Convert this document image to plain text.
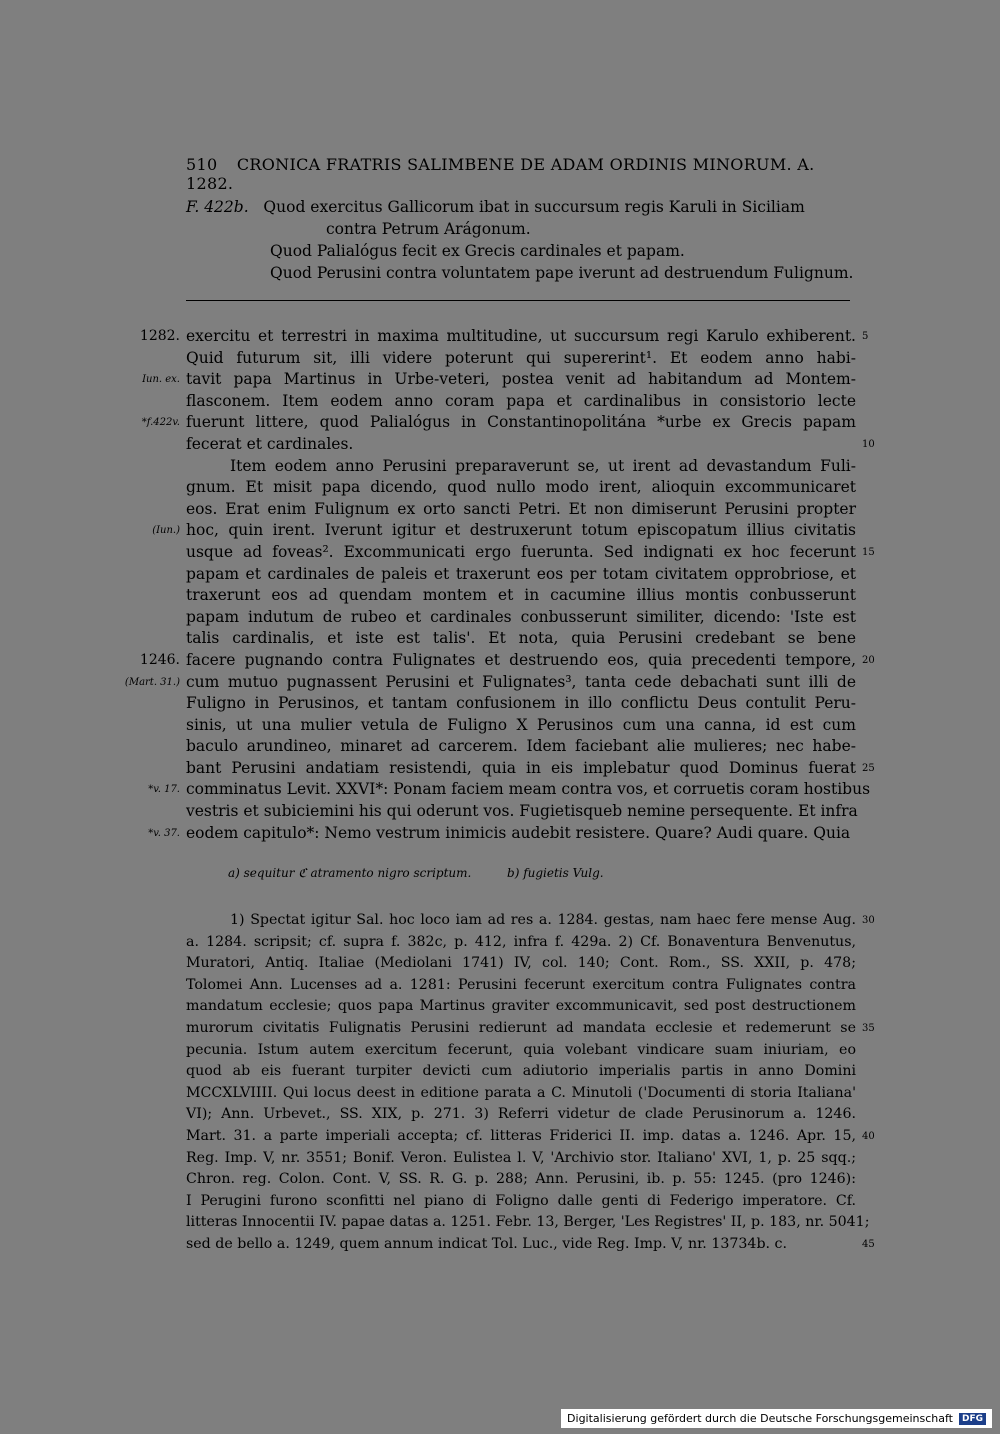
510 CRONICA FRATRIS SALIMBENE DE ADAM ORDINIS MINORUM. A. 1282.
F. 422b. Quod exercitus Gallicorum ibat in succursum regis Karuli in Siciliam
contra Petrum Arágonum.
Quod Palialógus fecit ex Grecis cardinales et papam.
Quod Perusini contra voluntatem pape iverunt ad destruendum Fulignum.
1282. exercitu et terrestri in maxima multitudine, ut succursum regi Karulo exhiberent. 5
Quid futurum sit, illi videre poterunt qui supererint¹. Et eodem anno habi-
Iun. ex. tavit papa Martinus in Urbe-veteri, postea venit ad habitandum ad Montem-
flasconem. Item eodem anno coram papa et cardinalibus in consistorio lecte
*f.422v. fuerunt littere, quod Palialógus in Constantinopolitána *urbe ex Grecis papam
fecerat et cardinales.	10
Item eodem anno Perusini preparaverunt se, ut irent ad devastandum Fuli-
gnum. Et misit papa dicendo, quod nullo modo irent, alioquin excommunicaret
eos. Erat enim Fulignum ex orto sancti Petri. Et non dimiserunt Perusini propter
(Iun.) hoc, quin irent. Iverunt igitur et destruxerunt totum episcopatum illius civitatis
usque ad foveas². Excommunicati ergo fuerunta. Sed indignati ex hoc fecerunt 15
papam et cardinales de paleis et traxerunt eos per totam civitatem opprobriose, et
traxerunt eos ad quendam montem et in cacumine illius montis conbusserunt
papam indutum de rubeo et cardinales conbusserunt similiter, dicendo: 'Iste est
talis cardinalis, et iste est talis'. Et nota, quia Perusini credebant se bene
1246. facere pugnando contra Fulignates et destruendo eos, quia precedenti tempore, 20
(Mart. 31.) cum mutuo pugnassent Perusini et Fulignates³, tanta cede debachati sunt illi de
Fuligno in Perusinos, et tantam confusionem in illo conflictu Deus contulit Peru-
sinis, ut una mulier vetula de Fuligno X Perusinos cum una canna, id est cum
baculo arundineo, minaret ad carcerem. Idem faciebant alie mulieres; nec habe-
bant Perusini andatiam resistendi, quia in eis implebatur quod Dominus fuerat 25
*v. 17. comminatus Levit. XXVI*: Ponam faciem meam contra vos, et corruetis coram hostibus
vestris et subiciemini his qui oderunt vos. Fugietisqueb nemine persequente. Et infra
*v. 37. eodem capitulo*: Nemo vestrum inimicis audebit resistere. Quare? Audi quare. Quia
a) sequitur ℭ atramento nigro scriptum.	b) fugietis Vulg.
1) Spectat igitur Sal. hoc loco iam ad res a. 1284. gestas, nam haec fere mense Aug. 30
a. 1284. scripsit; cf. supra f. 382c, p. 412, infra f. 429a. 2) Cf. Bonaventura Benvenutus,
Muratori, Antiq. Italiae (Mediolani 1741) IV, col. 140; Cont. Rom., SS. XXII, p. 478;
Tolomei Ann. Lucenses ad a. 1281: Perusini fecerunt exercitum contra Fulignates contra
mandatum ecclesie; quos papa Martinus graviter excommunicavit, sed post destructionem
murorum civitatis Fulignatis Perusini redierunt ad mandata ecclesie et redemerunt se 35
pecunia. Istum autem exercitum fecerunt, quia volebant vindicare suam iniuriam, eo
quod ab eis fuerant turpiter devicti cum adiutorio imperialis partis in anno Domini
MCCXLVIIII. Qui locus deest in editione parata a C. Minutoli ('Documenti di storia Italiana'
VI); Ann. Urbevet., SS. XIX, p. 271. 3) Referri videtur de clade Perusinorum a. 1246.
Mart. 31. a parte imperiali accepta; cf. litteras Friderici II. imp. datas a. 1246. Apr. 15, 40
Reg. Imp. V, nr. 3551; Bonif. Veron. Eulistea l. V, 'Archivio stor. Italiano' XVI, 1, p. 25 sqq.;
Chron. reg. Colon. Cont. V, SS. R. G. p. 288; Ann. Perusini, ib. p. 55: 1245. (pro 1246):
I Perugini furono sconfitti nel piano di Foligno dalle genti di Federigo imperatore. Cf.
litteras Innocentii IV. papae datas a. 1251. Febr. 13, Berger, 'Les Registres' II, p. 183, nr. 5041;
sed de bello a. 1249, quem annum indicat Tol. Luc., vide Reg. Imp. V, nr. 13734b. c.	45
Digitalisierung gefördert durch die Deutsche Forschungsgemeinschaft	DFG
